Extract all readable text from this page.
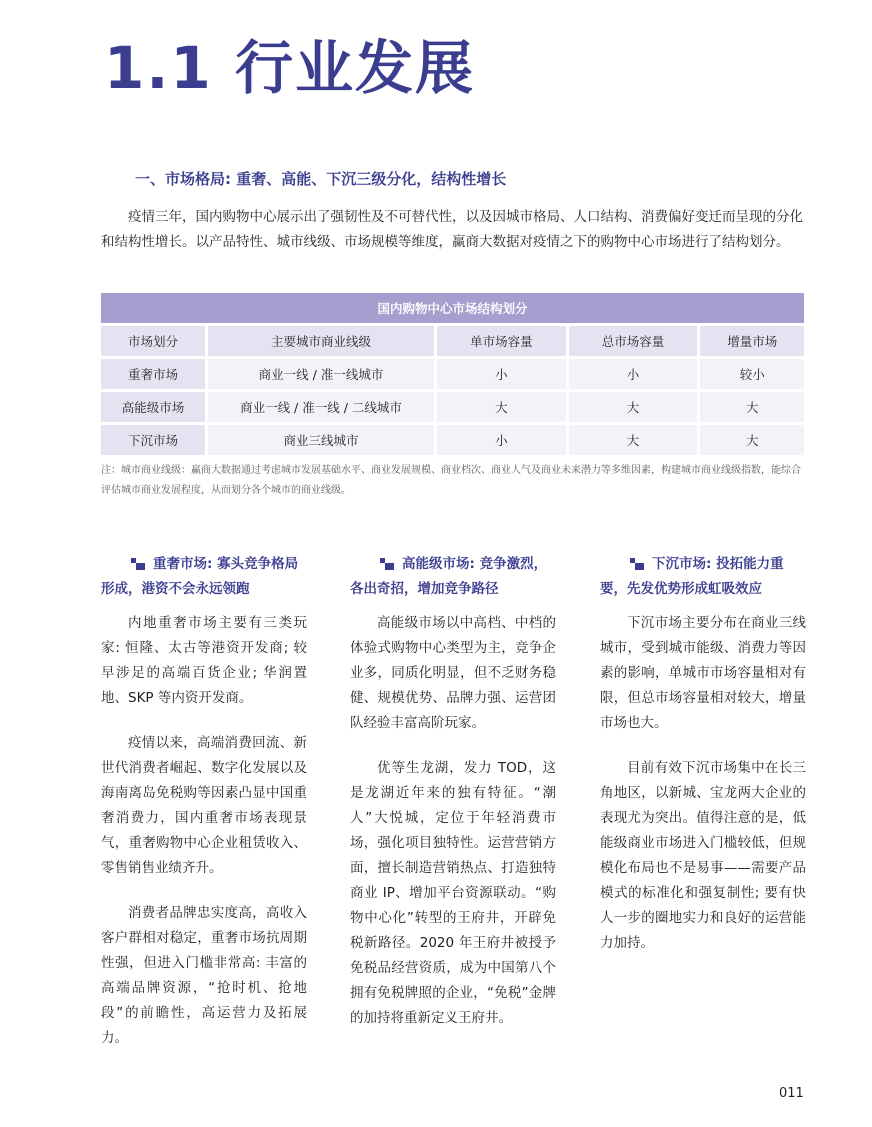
1.1 行业发展
一、市场格局: 重奢、高能、下沉三级分化，结构性增长

疫情三年，国内购物中心展示出了强韧性及不可替代性，以及因城市格局、人口结构、消费偏好变迁而呈现的分化和结构性增长。以产品特性、城市线级、市场规模等维度，赢商大数据对疫情之下的购物中心市场进行了结构划分。

国内购物中心市场结构划分				
市场划分	主要城市商业线级	单市场容量	总市场容量	增量市场
重奢市场	商业一线 / 准一线城市	小	小	较小
高能级市场	商业一线 / 准一线 / 二线城市	大	大	大
下沉市场	商业三线城市	小	大	大

注：城市商业线级：赢商大数据通过考虑城市发展基础水平、商业发展规模、商业档次、商业人气及商业未来潜力等多维因素，构建城市商业线级指数，能综合评估城市商业发展程度，从而划分各个城市的商业线级。

重奢市场: 寡头竞争格局形成，港资不会永远领跑

内地重奢市场主要有三类玩家: 恒隆、太古等港资开发商; 较早涉足的高端百货企业; 华润置地、SKP 等内资开发商。

疫情以来，高端消费回流、新世代消费者崛起、数字化发展以及海南离岛免税购等因素凸显中国重奢消费力，国内重奢市场表现景气，重奢购物中心企业租赁收入、零售销售业绩齐升。

消费者品牌忠实度高，高收入客户群相对稳定，重奢市场抗周期性强，但进入门槛非常高: 丰富的高端品牌资源，“抢时机、抢地段”的前瞻性，高运营力及拓展力。

高能级市场: 竞争激烈，各出奇招，增加竞争路径

高能级市场以中高档、中档的体验式购物中心类型为主，竞争企业多，同质化明显，但不乏财务稳健、规模优势、品牌力强、运营团队经验丰富高阶玩家。

优等生龙湖，发力 TOD，这是龙湖近年来的独有特征。“潮人”大悦城，定位于年轻消费市场，强化项目独特性。运营营销方面，擅长制造营销热点、打造独特商业 IP、增加平台资源联动。“购物中心化”转型的王府井，开辟免税新路径。2020 年王府井被授予免税品经营资质，成为中国第八个拥有免税牌照的企业，“免税”金牌的加持将重新定义王府井。

下沉市场: 投拓能力重要，先发优势形成虹吸效应

下沉市场主要分布在商业三线城市，受到城市能级、消费力等因素的影响，单城市市场容量相对有限，但总市场容量相对较大，增量市场也大。

目前有效下沉市场集中在长三角地区，以新城、宝龙两大企业的表现尤为突出。值得注意的是，低能级商业市场进入门槛较低，但规模化布局也不是易事——需要产品模式的标准化和强复制性; 要有快人一步的圈地实力和良好的运营能力加持。

011
